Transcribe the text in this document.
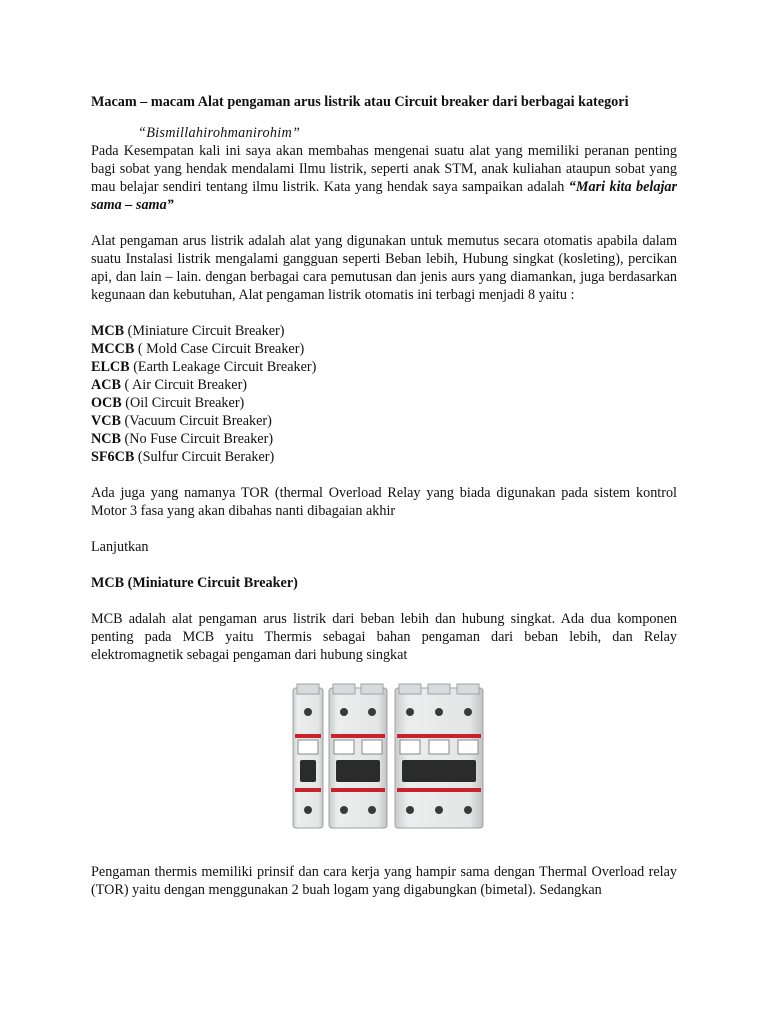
Macam – macam Alat pengaman arus listrik atau Circuit breaker dari berbagai kategori

“Bismillahirohmanirohim”

Pada Kesempatan kali ini saya akan membahas mengenai suatu alat yang memiliki peranan penting bagi sobat yang hendak mendalami Ilmu listrik, seperti anak STM, anak kuliahan ataupun sobat yang mau belajar sendiri tentang ilmu listrik. Kata yang hendak saya sampaikan adalah “Mari kita belajar sama – sama”

Alat pengaman arus listrik adalah alat yang digunakan untuk memutus secara otomatis apabila dalam suatu Instalasi listrik mengalami gangguan seperti Beban lebih, Hubung singkat (kosleting), percikan api, dan lain – lain. dengan berbagai cara pemutusan dan jenis aurs yang diamankan, juga berdasarkan kegunaan dan kebutuhan, Alat pengaman listrik otomatis ini terbagi menjadi 8 yaitu :

MCB (Miniature Circuit Breaker)
MCCB ( Mold Case Circuit Breaker)
ELCB (Earth Leakage Circuit Breaker)
ACB ( Air Circuit Breaker)
OCB (Oil Circuit Breaker)
VCB (Vacuum Circuit Breaker)
NCB (No Fuse Circuit Breaker)
SF6CB (Sulfur Circuit Beraker)

Ada juga yang namanya TOR (thermal Overload Relay yang biada digunakan pada sistem kontrol Motor 3 fasa yang akan dibahas nanti dibagaian akhir

Lanjutkan

MCB (Miniature Circuit Breaker)

MCB adalah alat pengaman arus listrik dari beban lebih dan hubung singkat. Ada dua komponen penting pada MCB yaitu Thermis sebagai bahan pengaman dari beban lebih, dan Relay elektromagnetik sebagai pengaman dari hubung singkat

Pengaman thermis memiliki prinsif dan cara kerja yang hampir sama dengan Thermal Overload relay (TOR) yaitu dengan menggunakan 2 buah logam yang digabungkan (bimetal). Sedangkan
